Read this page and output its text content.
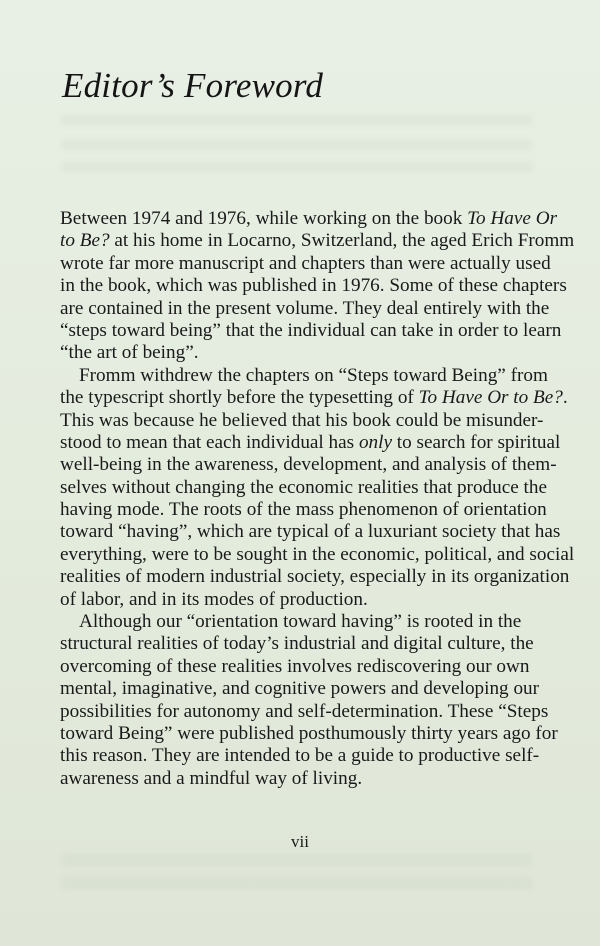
Editor’s Foreword
Between 1974 and 1976, while working on the book To Have Or
to Be? at his home in Locarno, Switzerland, the aged Erich Fromm
wrote far more manuscript and chapters than were actually used
in the book, which was published in 1976. Some of these chapters
are contained in the present volume. They deal entirely with the
“steps toward being” that the individual can take in order to learn
“the art of being”.
Fromm withdrew the chapters on “Steps toward Being” from
the typescript shortly before the typesetting of To Have Or to Be?.
This was because he believed that his book could be misunder-
stood to mean that each individual has only to search for spiritual
well-being in the awareness, development, and analysis of them-
selves without changing the economic realities that produce the
having mode. The roots of the mass phenomenon of orientation
toward “having”, which are typical of a luxuriant society that has
everything, were to be sought in the economic, political, and social
realities of modern industrial society, especially in its organization
of labor, and in its modes of production.
Although our “orientation toward having” is rooted in the
structural realities of today’s industrial and digital culture, the
overcoming of these realities involves rediscovering our own
mental, imaginative, and cognitive powers and developing our
possibilities for autonomy and self-determination. These “Steps
toward Being” were published posthumously thirty years ago for
this reason. They are intended to be a guide to productive self-
awareness and a mindful way of living.
vii
